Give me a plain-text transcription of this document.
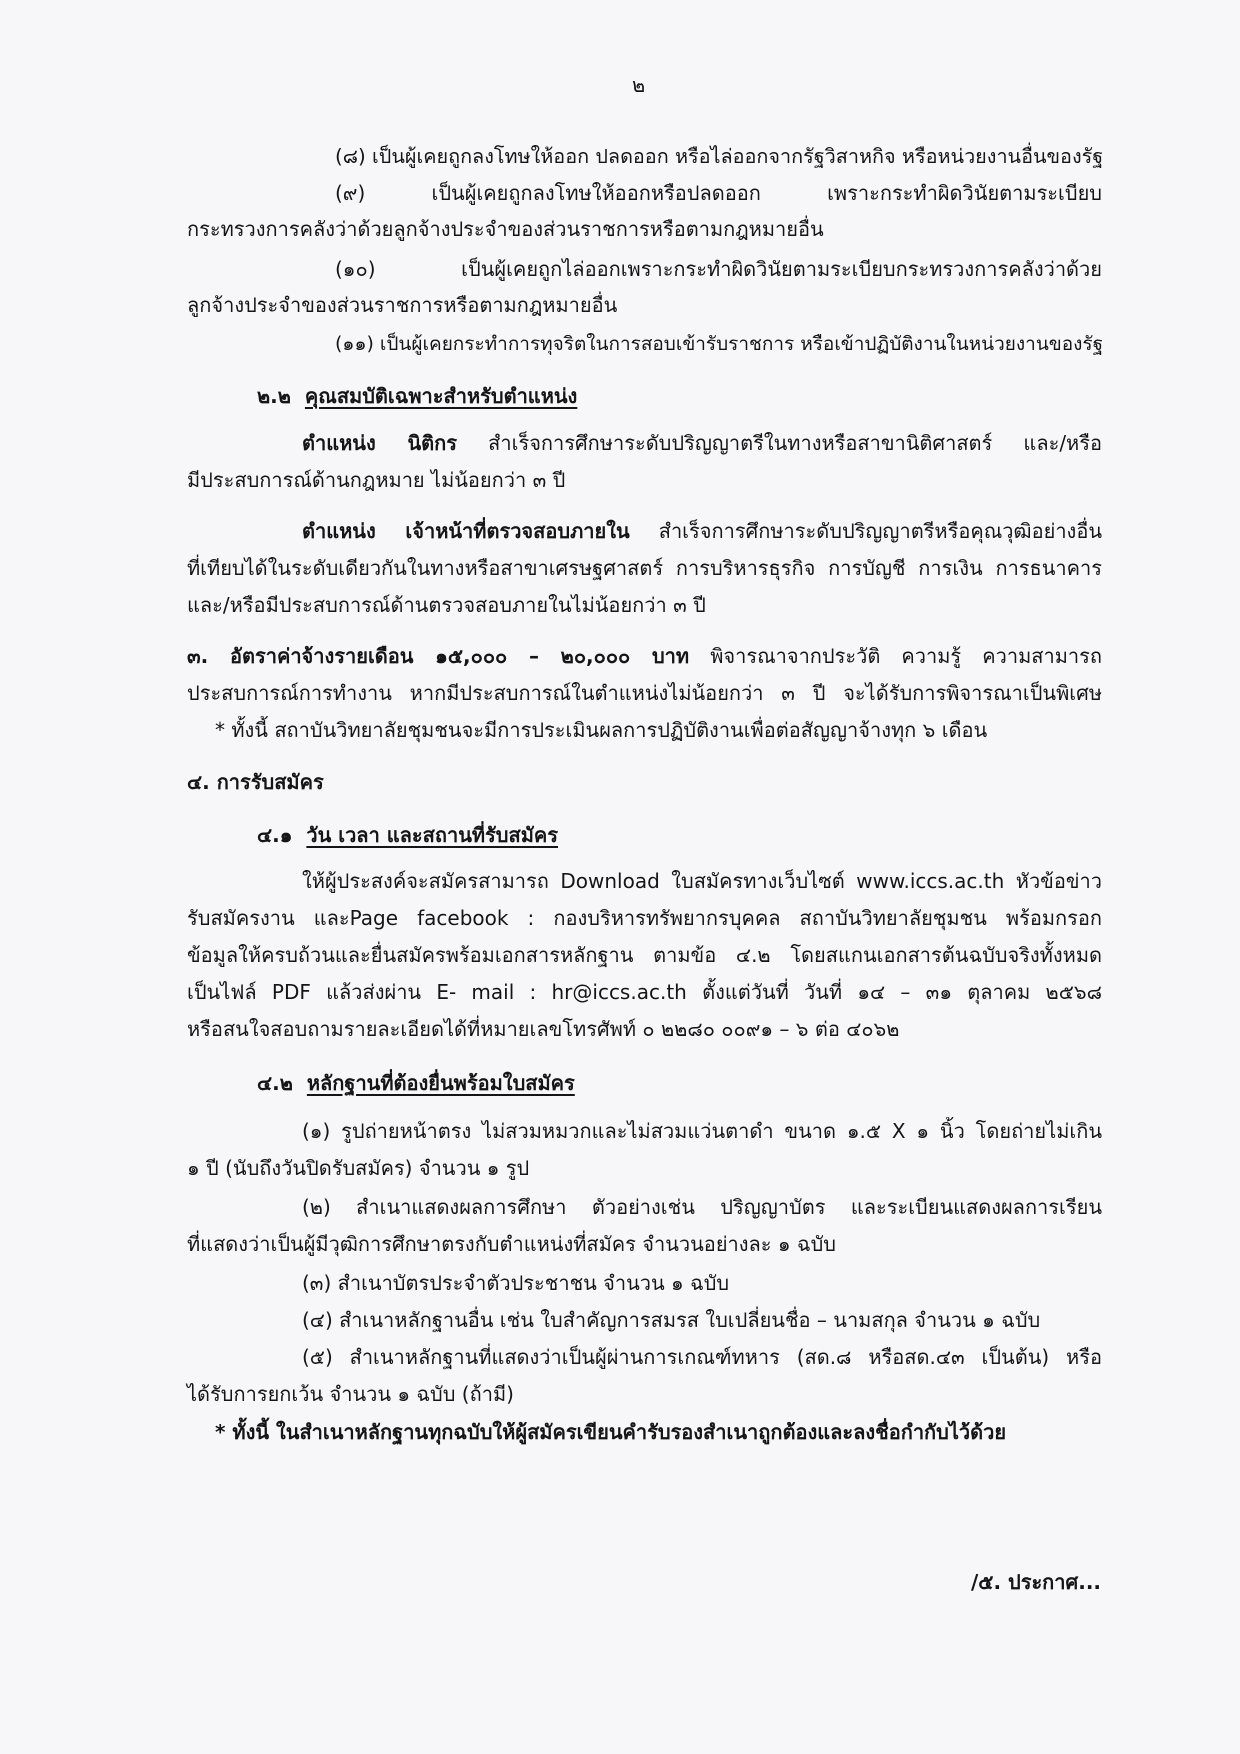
๒
(๘) เป็นผู้เคยถูกลงโทษให้ออก ปลดออก หรือไล่ออกจากรัฐวิสาหกิจ หรือหน่วยงานอื่นของรัฐ
(๙) เป็นผู้เคยถูกลงโทษให้ออกหรือปลดออก เพราะกระทำผิดวินัยตามระเบียบ
กระทรวงการคลังว่าด้วยลูกจ้างประจำของส่วนราชการหรือตามกฎหมายอื่น
(๑๐) เป็นผู้เคยถูกไล่ออกเพราะกระทำผิดวินัยตามระเบียบกระทรวงการคลังว่าด้วย
ลูกจ้างประจำของส่วนราชการหรือตามกฎหมายอื่น
(๑๑) เป็นผู้เคยกระทำการทุจริตในการสอบเข้ารับราชการ หรือเข้าปฏิบัติงานในหน่วยงานของรัฐ
๒.๒ คุณสมบัติเฉพาะสำหรับตำแหน่ง
ตำแหน่ง นิติกร สำเร็จการศึกษาระดับปริญญาตรีในทางหรือสาขานิติศาสตร์ และ/หรือ
มีประสบการณ์ด้านกฎหมาย ไม่น้อยกว่า ๓ ปี
ตำแหน่ง เจ้าหน้าที่ตรวจสอบภายใน สำเร็จการศึกษาระดับปริญญาตรีหรือคุณวุฒิอย่างอื่น
ที่เทียบได้ในระดับเดียวกันในทางหรือสาขาเศรษฐศาสตร์ การบริหารธุรกิจ การบัญชี การเงิน การธนาคาร
และ/หรือมีประสบการณ์ด้านตรวจสอบภายในไม่น้อยกว่า ๓ ปี
๓. อัตราค่าจ้างรายเดือน ๑๕,๐๐๐ – ๒๐,๐๐๐ บาท พิจารณาจากประวัติ ความรู้ ความสามารถ
ประสบการณ์การทำงาน หากมีประสบการณ์ในตำแหน่งไม่น้อยกว่า ๓ ปี จะได้รับการพิจารณาเป็นพิเศษ
* ทั้งนี้ สถาบันวิทยาลัยชุมชนจะมีการประเมินผลการปฏิบัติงานเพื่อต่อสัญญาจ้างทุก ๖ เดือน
๔. การรับสมัคร
๔.๑ วัน เวลา และสถานที่รับสมัคร
ให้ผู้ประสงค์จะสมัครสามารถ Download ใบสมัครทางเว็บไซต์ www.iccs.ac.th หัวข้อข่าว
รับสมัครงาน และPage facebook : กองบริหารทรัพยากรบุคคล สถาบันวิทยาลัยชุมชน พร้อมกรอก
ข้อมูลให้ครบถ้วนและยื่นสมัครพร้อมเอกสารหลักฐาน ตามข้อ ๔.๒ โดยสแกนเอกสารต้นฉบับจริงทั้งหมด
เป็นไฟล์ PDF แล้วส่งผ่าน E- mail : hr@iccs.ac.th ตั้งแต่วันที่ วันที่ ๑๔ – ๓๑ ตุลาคม ๒๕๖๘
หรือสนใจสอบถามรายละเอียดได้ที่หมายเลขโทรศัพท์ ๐ ๒๒๘๐ ๐๐๙๑ – ๖ ต่อ ๔๐๖๒
๔.๒ หลักฐานที่ต้องยื่นพร้อมใบสมัคร
(๑) รูปถ่ายหน้าตรง ไม่สวมหมวกและไม่สวมแว่นตาดำ ขนาด ๑.๕ X ๑ นิ้ว โดยถ่ายไม่เกิน
๑ ปี (นับถึงวันปิดรับสมัคร) จำนวน ๑ รูป
(๒) สำเนาแสดงผลการศึกษา ตัวอย่างเช่น ปริญญาบัตร และระเบียนแสดงผลการเรียน
ที่แสดงว่าเป็นผู้มีวุฒิการศึกษาตรงกับตำแหน่งที่สมัคร จำนวนอย่างละ ๑ ฉบับ
(๓) สำเนาบัตรประจำตัวประชาชน จำนวน ๑ ฉบับ
(๔) สำเนาหลักฐานอื่น เช่น ใบสำคัญการสมรส ใบเปลี่ยนชื่อ – นามสกุล จำนวน ๑ ฉบับ
(๕) สำเนาหลักฐานที่แสดงว่าเป็นผู้ผ่านการเกณฑ์ทหาร (สด.๘ หรือสด.๔๓ เป็นต้น) หรือ
ได้รับการยกเว้น จำนวน ๑ ฉบับ (ถ้ามี)
* ทั้งนี้ ในสำเนาหลักฐานทุกฉบับให้ผู้สมัครเขียนคำรับรองสำเนาถูกต้องและลงชื่อกำกับไว้ด้วย
/๕. ประกาศ...
